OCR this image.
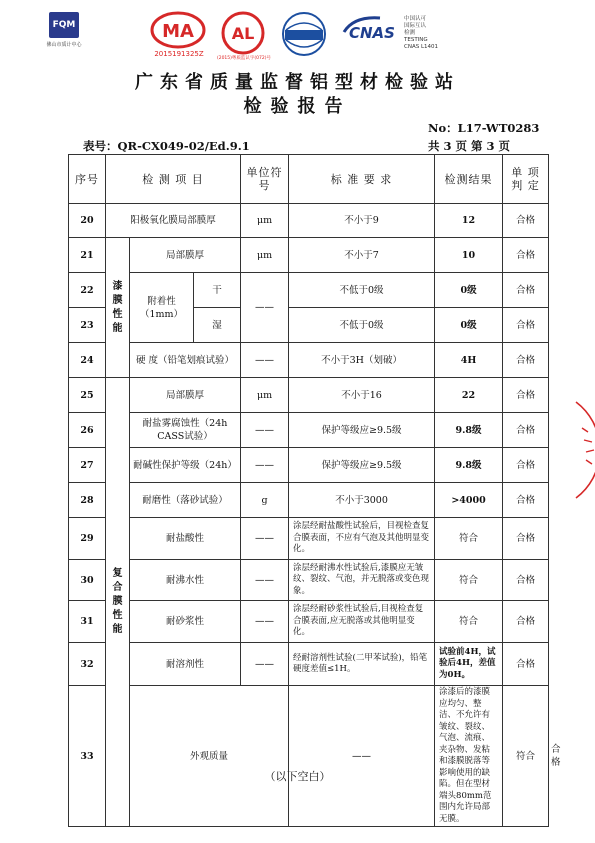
FQM
佛山市质计中心
MA
2015191325Z
AL
(2015)粤质监认字(072)号
CNAS
中国认可
国际互认
检测
TESTING
CNAS L1401
广东省质量监督铝型材检验站
检验报告
No：L17-WT0283
表号：QR-CX049-02/Ed.9.1	共 3 页 第 3 页
序号	检 测 项 目			单位符号	标 准 要 求	检测结果	单 项 判 定	
20	阳极氧化膜局部膜厚			μm	不小于9	12	合格	
21	漆膜性能	局部膜厚		μm	不小于7	10	合格	
22		附着性（1mm）	干	——	不低于0级	0级	合格	
23			湿		不低于0级	0级	合格	
24		硬 度（铅笔划痕试验）		——	不小于3H（划破）	4H	合格	
25	复合膜性能	局部膜厚		μm	不小于16	22	合格	
26		耐盐雾腐蚀性（24h CASS试验）		——	保护等级应≥9.5级	9.8级	合格	
27		耐碱性保护等级（24h）		——	保护等级应≥9.5级	9.8级	合格	
28		耐磨性（落砂试验）		g	不小于3000	>4000	合格	
29		耐盐酸性		——	涂层经耐盐酸性试验后，目视检查复合膜表面，不应有气泡及其他明显变化。	符合	合格	
30		耐沸水性		——	涂层经耐沸水性试验后,漆膜应无皱纹、裂纹、气泡，并无脱落或变色现象。	符合	合格	
31		耐砂浆性		——	涂层经耐砂浆性试验后,目视检查复合膜表面,应无脱落或其他明显变化。	符合	合格	
32		耐溶剂性		——	经耐溶剂性试验(二甲苯试验)，铅笔硬度差值≤1H。	试验前4H，试验后4H，差值为0H。	合格	
33		外观质量			——	涂漆后的漆膜应均匀、整洁、不允许有皱纹、裂纹、气泡、流痕、夹杂物、发粘和漆膜脱落等影响使用的缺陷。但在型材端头80mm范围内允许局部无膜。	符合	合格
（以下空白）
